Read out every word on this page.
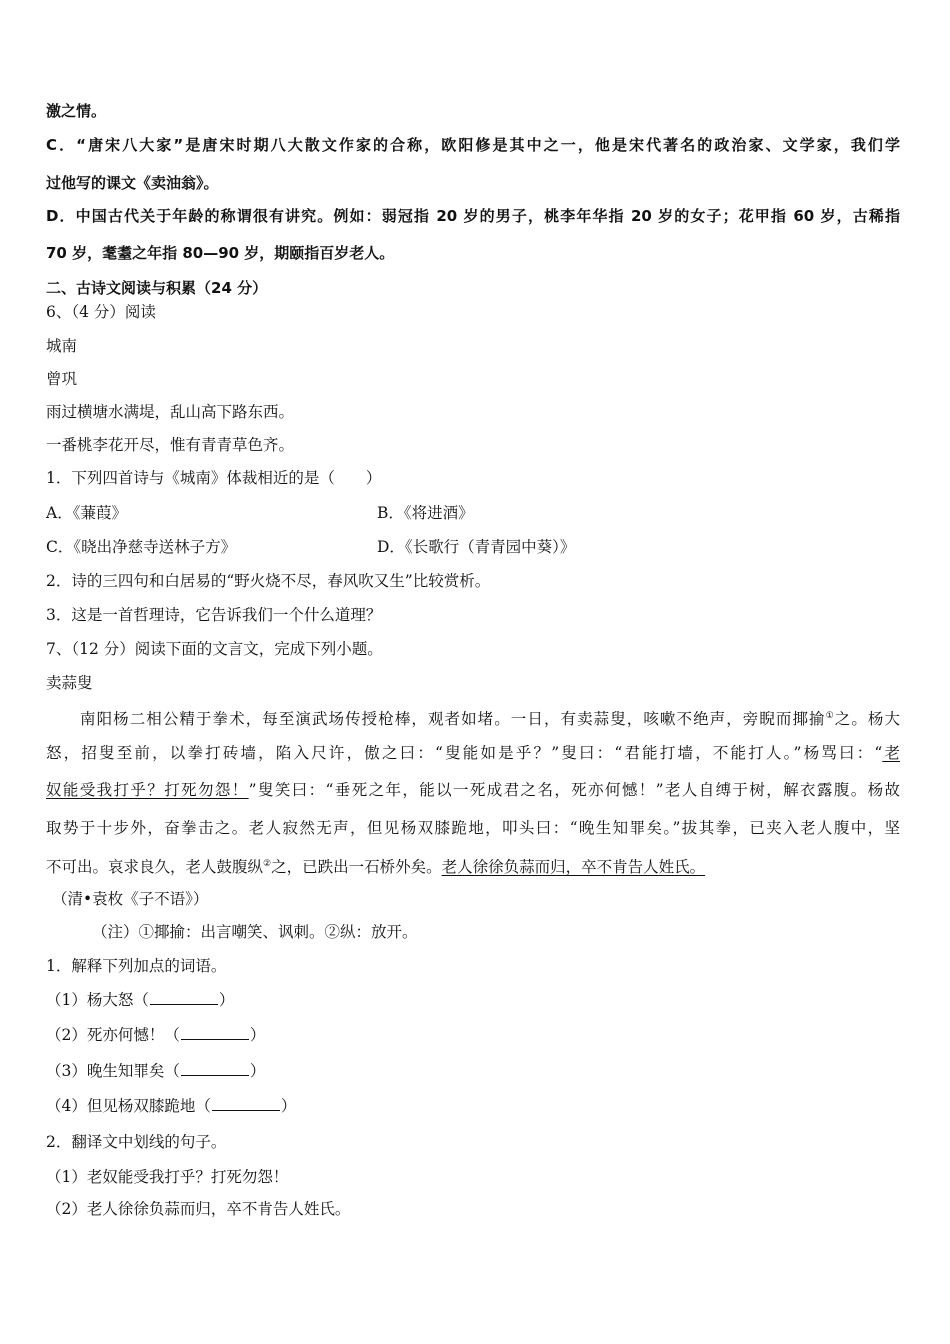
激之情。
C．“唐宋八大家”是唐宋时期八大散文作家的合称，欧阳修是其中之一，他是宋代著名的政治家、文学家，我们学
过他写的课文《卖油翁》。
D．中国古代关于年龄的称谓很有讲究。例如：弱冠指 20 岁的男子，桃李年华指 20 岁的女子；花甲指 60 岁，古稀指
70 岁，耄耋之年指 80—90 岁，期颐指百岁老人。
二、古诗文阅读与积累（24 分）
6、（4 分）阅读
城南
曾巩
雨过横塘水满堤，乱山高下路东西。
一番桃李花开尽，惟有青青草色齐。
1．下列四首诗与《城南》体裁相近的是（　　）
A．《蒹葭》	B．《将进酒》
C．《晓出净慈寺送林子方》	D．《长歌行（青青园中葵）》
2．诗的三四句和白居易的“野火烧不尽，春风吹又生”比较赏析。
3．这是一首哲理诗，它告诉我们一个什么道理？
7、（12 分）阅读下面的文言文，完成下列小题。
卖蒜叟
南阳杨二相公精于拳术，每至演武场传授枪棒，观者如堵。一日，有卖蒜叟，咳嗽不绝声，旁睨而揶揄①之。杨大
怒，招叟至前，以拳打砖墙，陷入尺许，傲之曰：“叟能如是乎？”叟曰：“君能打墙，不能打人。”杨骂曰：“老
奴能受我打乎？打死勿怨！”叟笑曰：“垂死之年，能以一死成君之名，死亦何憾！”老人自缚于树，解衣露腹。杨故
取势于十步外，奋拳击之。老人寂然无声，但见杨双膝跪地，叩头曰：“晚生知罪矣。”拔其拳，已夹入老人腹中，坚
不可出。哀求良久，老人鼓腹纵②之，已跌出一石桥外矣。老人徐徐负蒜而归，卒不肯告人姓氏。
（清•袁枚《子不语》）
（注）①揶揄：出言嘲笑、讽刺。②纵：放开。
1．解释下列加点的词语。
（1）杨大怒（	）
（2）死亦何憾！（	）
（3）晚生知罪矣（	）
（4）但见杨双膝跪地（	）
2．翻译文中划线的句子。
（1）老奴能受我打乎？打死勿怨！
（2）老人徐徐负蒜而归，卒不肯告人姓氏。
